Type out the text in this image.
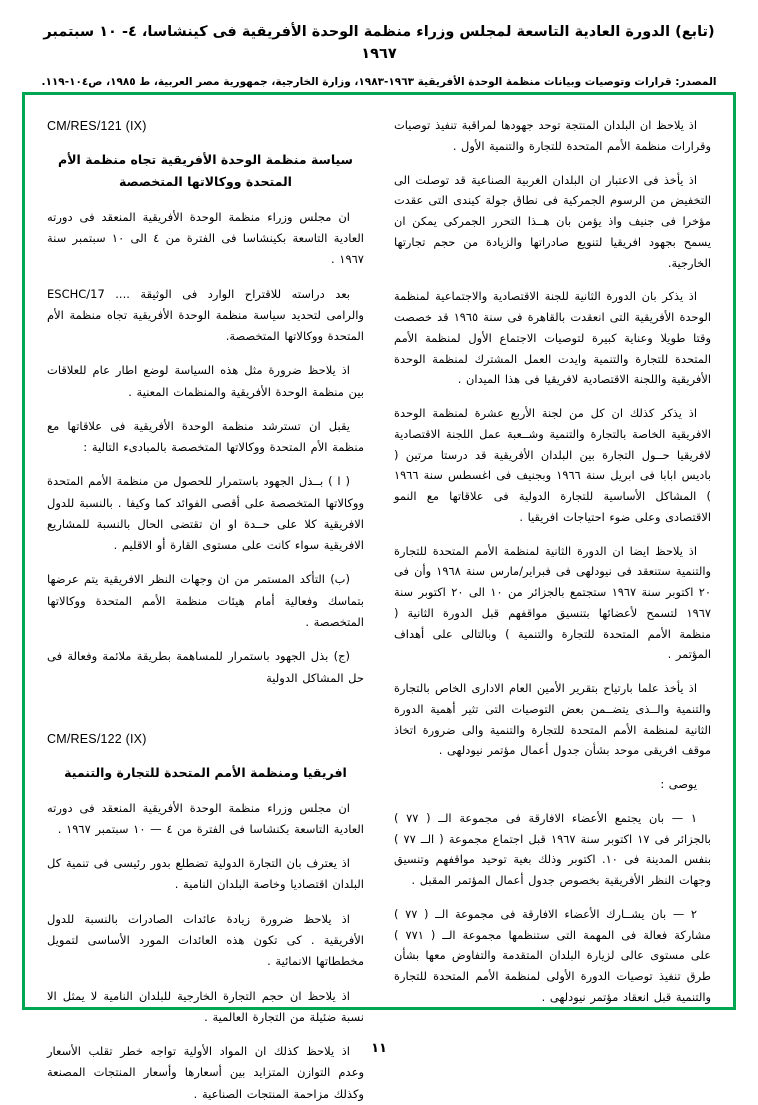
(تابع) الدورة العادية التاسعة لمجلس وزراء منظمة الوحدة الأفريقية فى كينشاسا، ٤- ١٠ سبتمبر ١٩٦٧
المصدر: قرارات وتوصيات وبيانات منظمة الوحدة الأفريقية ١٩٦٣-١٩٨٣، وزارة الخارجية، جمهورية مصر العربية، ط ١٩٨٥، ص١٠٤-١١٩.

اذ يلاحظ ان البلدان المنتجة توحد جهودها لمراقبة تنفيذ توصيات وقرارات منظمة الأمم المتحدة للتجارة والتنمية الأول .

اذ يأخذ فى الاعتبار ان البلدان الغربية الصناعية قد توصلت الى التخفيض من الرسوم الجمركية فى نطاق جولة كيندى التى عقدت مؤخرا فى جنيف واذ يؤمن بان هــذا التحرر الجمركى يمكن ان يسمح بجهود افريقيا لتنويع صادراتها والزيادة من حجم تجارتها الخارجية.

اذ يذكر بان الدورة الثانية للجنة الاقتصادية والاجتماعية لمنظمة الوحدة الأفريقية التى انعقدت بالقاهرة فى سنة ١٩٦٥ قد خصصت وقتا طويلا وعناية كبيرة لتوصيات الاجتماع الأول لمنظمة الأمم المتحدة للتجارة والتنمية وايدت العمل المشترك لمنظمة الوحدة الأفريقية واللجنة الاقتصادية لافريقيا فى هذا الميدان .

اذ يذكر كذلك ان كل من لجنة الأربع عشرة لمنظمة الوحدة الافريقية الخاصة بالتجارة والتنمية وشــعبة عمل اللجنة الاقتصادية لافريقيا حــول التجارة بين البلدان الأفريقية قد درستا مرتين ( باديس ابابا فى ابريل سنة ١٩٦٦ وبجنيف فى اغسطس سنة ١٩٦٦ ) المشاكل الأساسية للتجارة الدولية فى علاقاتها مع النمو الاقتصادى وعلى ضوء احتياجات افريقيا .

اذ يلاحظ ايضا ان الدورة الثانية لمنظمة الأمم المتحدة للتجارة والتنمية ستنعقد فى نيودلهى فى فبراير/مارس سنة ١٩٦٨ وأن فى ٢٠ اكتوبر سنة ١٩٦٧ ستجتمع بالجزائر من ١٠ الى ٢٠ اكتوبر سنة ١٩٦٧ لتسمح لأعضائها بتنسيق مواقفهم قبل الدورة الثانية ( منظمة الأمم المتحدة للتجارة والتنمية ) وبالتالى على أهداف المؤتمر .

اذ يأخذ علما بارتياح بتقرير الأمين العام الادارى الخاص بالتجارة والتنمية والــذى يتضــمن بعض التوصيات التى تثير أهمية الدورة الثانية لمنظمة الأمم المتحدة للتجارة والتنمية والى ضرورة اتخاذ موقف افريقى موحد بشأن جدول أعمال مؤتمر نيودلهى .

يوصى :

١ — بان يجتمع الأعضاء الافارقة فى مجموعة الــ ( ٧٧ ) بالجزائر فى ١٧ اكتوبر سنة ١٩٦٧ قبل اجتماع مجموعة ( الــ ٧٧ ) بنفس المدينة فى ١٠. اكتوبر وذلك بغية توحيد مواقفهم وتنسيق وجهات النظر الأفريقية بخصوص جدول أعمال المؤتمر المقبل .

٢ — بان يشــارك الأعضاء الافارقة فى مجموعة الــ ( ٧٧ ) مشاركة فعالة فى المهمة التى ستنظمها مجموعة الــ ( ٧٧١ ) على مستوى عالى لزيارة البلدان المتقدمة والتفاوض معها بشأن طرق تنفيذ توصيات الدورة الأولى لمنظمة الأمم المتحدة للتجارة والتنمية قبل انعقاد مؤتمر نيودلهى .

CM/RES/121 (IX)
سياسة منظمة الوحدة الأفريقية تجاه منظمة الأم المتحدة ووكالاتها المتخصصة

ان مجلس وزراء منظمة الوحدة الأفريقية المنعقد فى دورته العادية التاسعة بكينشاسا فى الفترة من ٤ الى ١٠ سبتمبر سنة ١٩٦٧ .

بعد دراسته للاقتراح الوارد فى الوثيقة .... ESCHC/17 والرامى لتحديد سياسة منظمة الوحدة الأفريقية تجاه منظمة الأم المتحدة ووكالاتها المتخصصة.

اذ يلاحظ ضرورة مثل هذه السياسة لوضع اطار عام للعلاقات بين منظمة الوحدة الأفريقية والمنظمات المعنية .

يقبل ان تسترشد منظمة الوحدة الأفريقية فى علاقاتها مع منظمة الأم المتحدة ووكالاتها المتخصصة بالمبادىء التالية :

( ا ) بــذل الجهود باستمرار للحصول من منظمة الأمم المتحدة ووكالاتها المتخصصة على أقصى الفوائد كما وكيفا . بالنسبة للدول الافريقية كلا على حــدة او ان تقتضى الحال بالنسبة للمشاريع الافريقية سواء كانت على مستوى القارة أو الاقليم .

(ب) التأكد المستمر من ان وجهات النظر الافريقية يتم عرضها بتماسك وفعالية أمام هيئات منظمة الأمم المتحدة ووكالاتها المتخصصة .

(ج) بذل الجهود باستمرار للمساهمة بطريقة ملائمة وفعالة فى حل المشاكل الدولية

CM/RES/122 (IX)
افريقيا ومنظمة الأمم المتحدة للتجارة والتنمية

ان مجلس وزراء منظمة الوحدة الأفريقية المنعقد فى دورته العادية التاسعة بكنشاسا فى الفترة من ٤ — ١٠ سبتمبر ١٩٦٧ .

اذ يعترف بان التجارة الدولية تضطلع بدور رئيسى فى تنمية كل البلدان اقتصاديا وخاصة البلدان النامية .

اذ يلاحظ ضرورة زيادة عائدات الصادرات بالنسبة للدول الأفريقية . كى تكون هذه العائدات المورد الأساسى لتمويل مخططاتها الانمائية .

اذ يلاحظ ان حجم التجارة الخارجية للبلدان النامية لا يمثل الا نسبة ضئيلة من التجارة العالمية .

اذ يلاحظ كذلك ان المواد الأولية تواجه خطر تقلب الأسعار وعدم التوازن المتزايد بين أسعارها وأسعار المنتجات المصنعة وكذلك مزاحمة المنتجات الصناعية .

١١
